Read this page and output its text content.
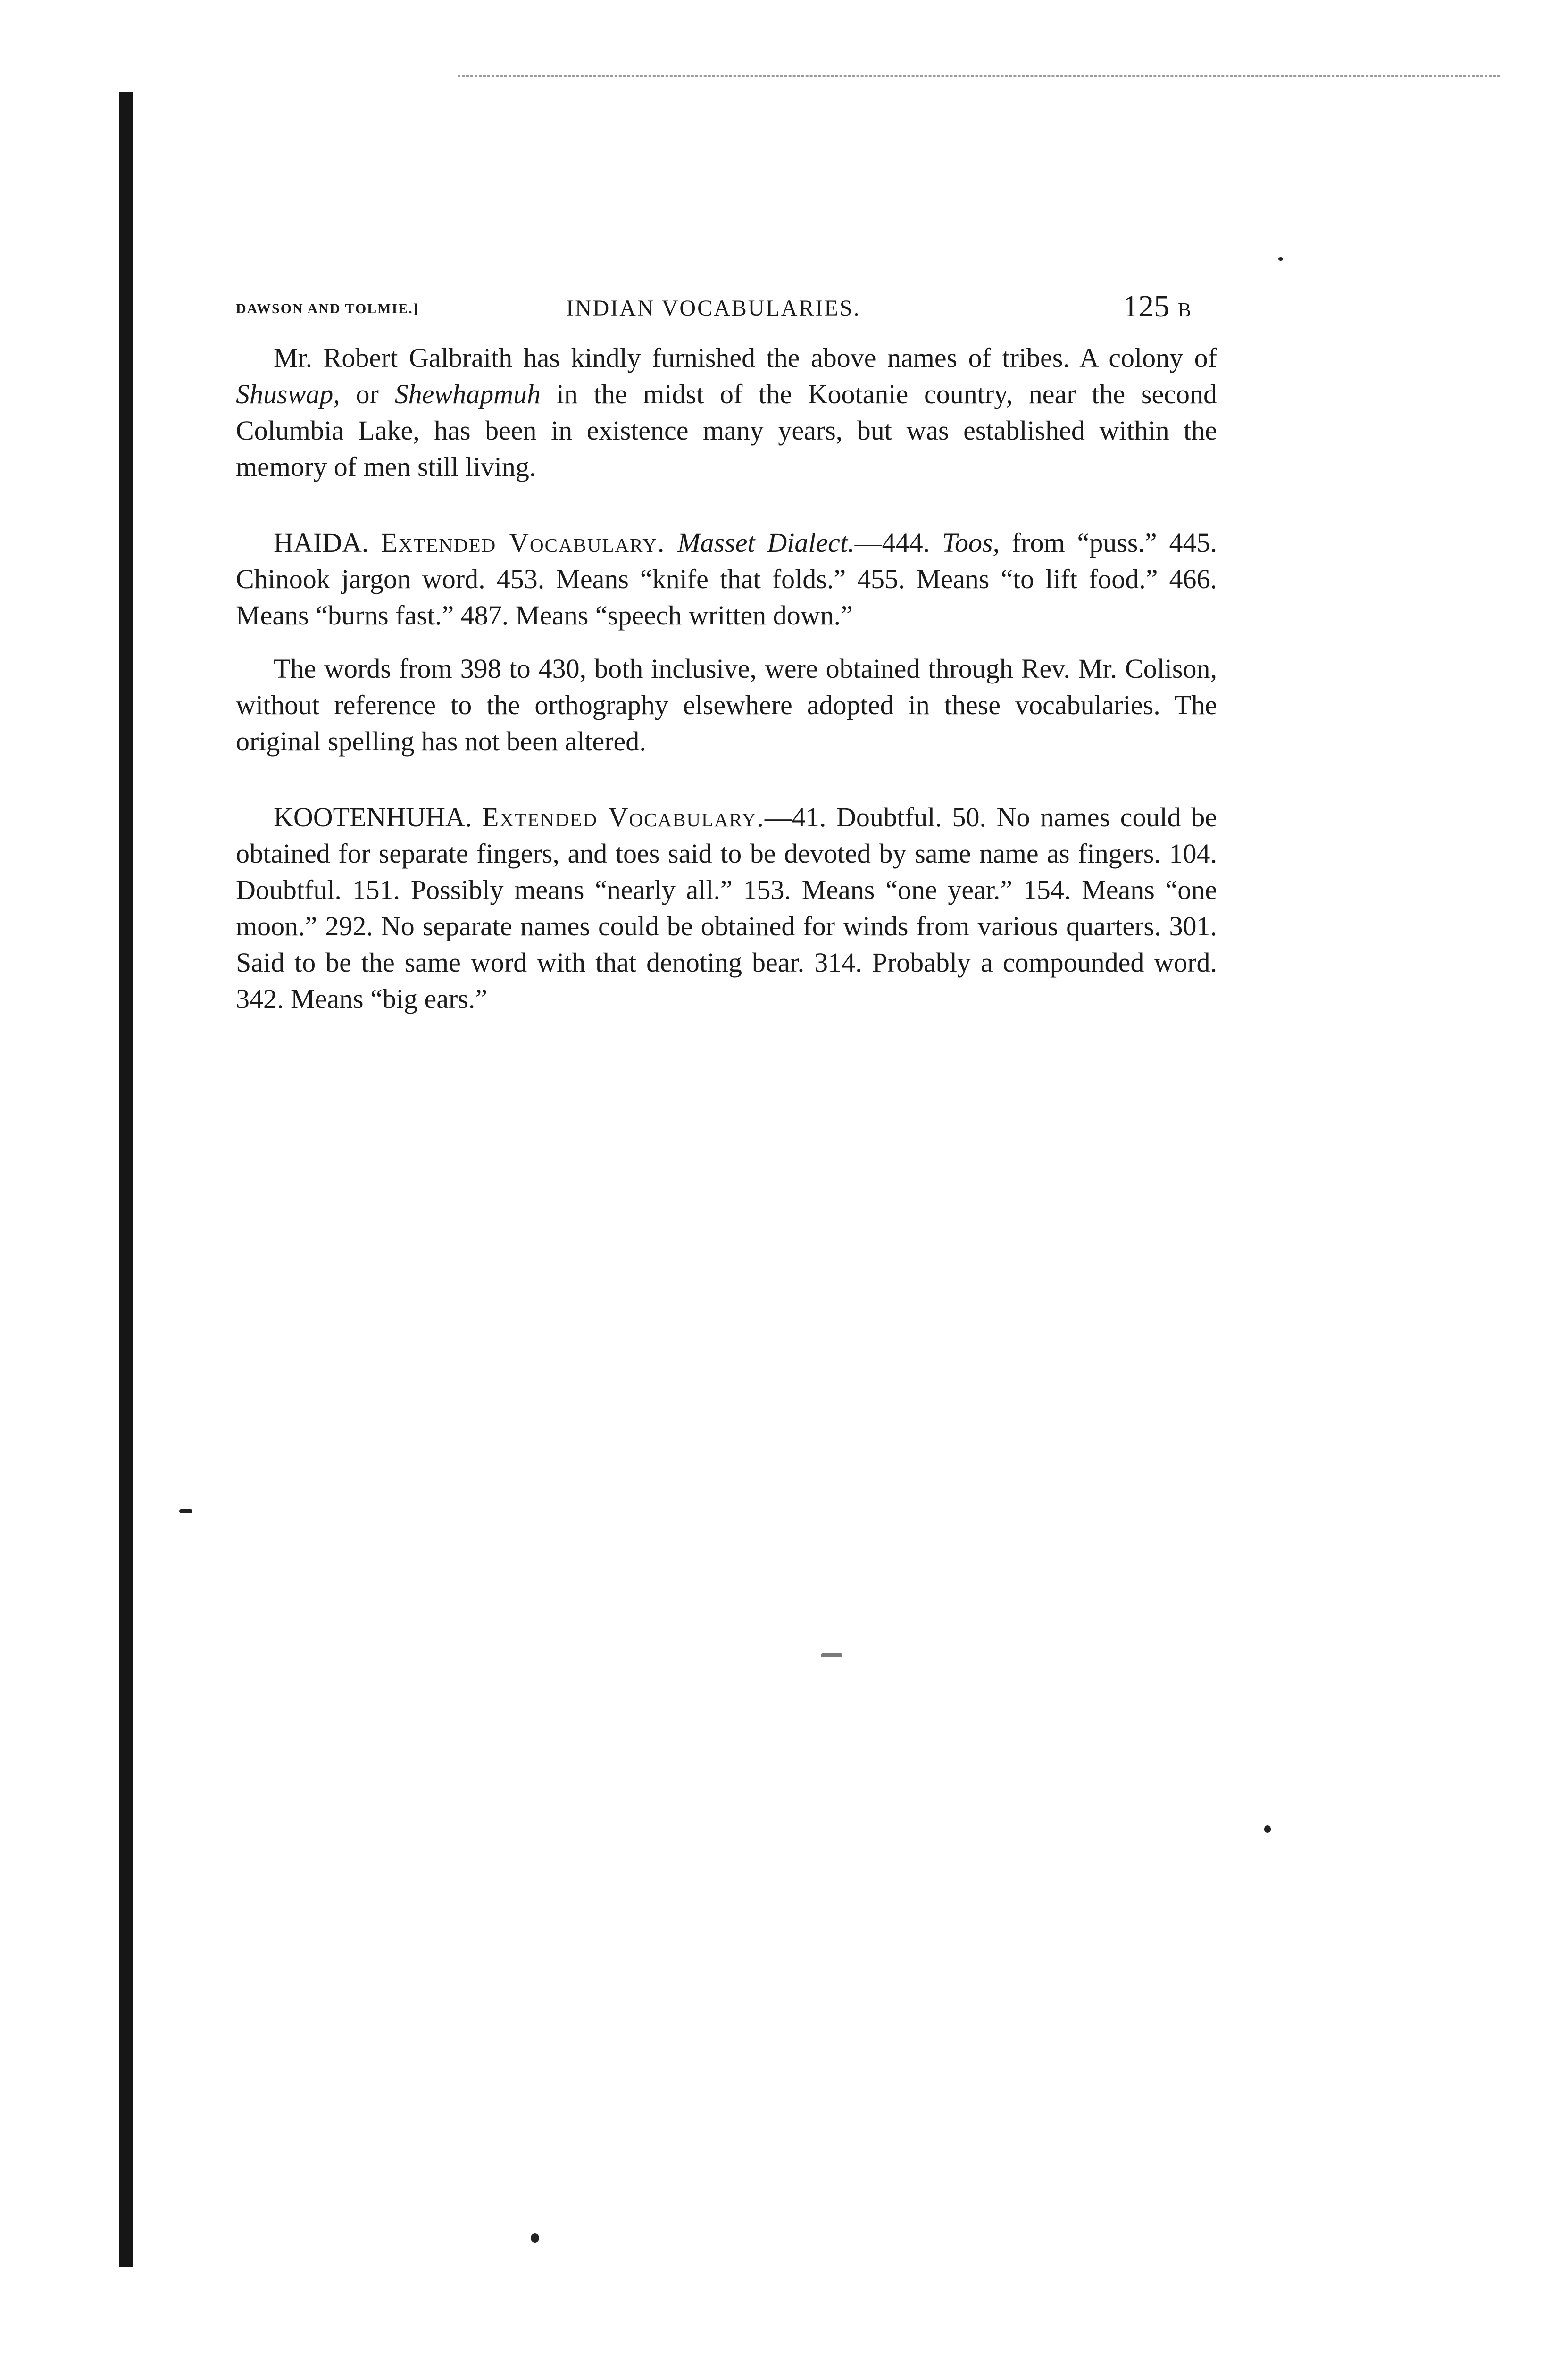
DAWSON AND TOLMIE.]	INDIAN VOCABULARIES.	125 B

Mr. Robert Galbraith has kindly furnished the above names of tribes. A colony of Shuswap, or Shewhapmuh in the midst of the Kootanie country, near the second Columbia Lake, has been in existence many years, but was established within the memory of men still living.

HAIDA. Extended Vocabulary. Masset Dialect.—444. Toos, from “puss.” 445. Chinook jargon word. 453. Means “knife that folds.” 455. Means “to lift food.” 466. Means “burns fast.” 487. Means “speech written down.”

The words from 398 to 430, both inclusive, were obtained through Rev. Mr. Colison, without reference to the orthography elsewhere adopted in these vocabularies. The original spelling has not been altered.

KOOTENHUHA. Extended Vocabulary.—41. Doubtful. 50. No names could be obtained for separate fingers, and toes said to be devoted by same name as fingers. 104. Doubtful. 151. Possibly means “nearly all.” 153. Means “one year.” 154. Means “one moon.” 292. No separate names could be obtained for winds from various quarters. 301. Said to be the same word with that denoting bear. 314. Probably a compounded word. 342. Means “big ears.”
